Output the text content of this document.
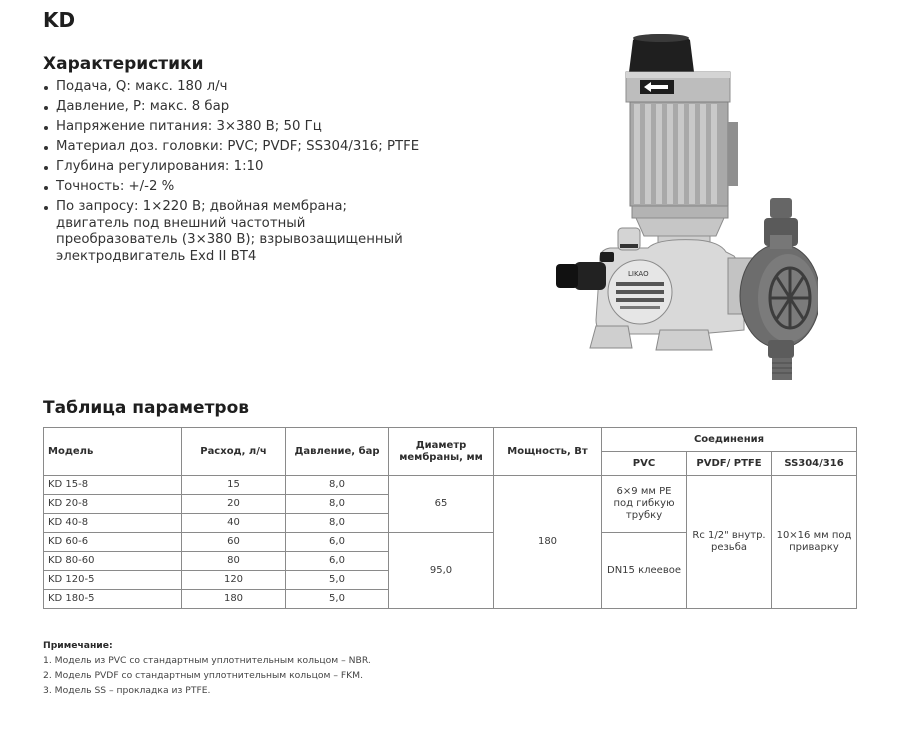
KD
Характеристики
Подача, Q: макс. 180 л/ч
Давление, P: макс. 8 бар
Напряжение питания: 3×380 В; 50 Гц
Материал доз. головки: PVC; PVDF; SS304/316; PTFE
Глубина регулирования: 1:10
Точность: +/-2 %
По запросу: 1×220 В; двойная мембрана; двигатель под внешний частотный преобразователь (3×380 В); взрывозащищенный электродвигатель Exd II BT4
LIKAO
Таблица параметров
Модель	Расход, л/ч	Давление, бар	Диаметр мембраны, мм	Мощность, Вт	Соединения		
					PVC	PVDF/ PTFE	SS304/316
KD 15-8	15	8,0	65	180	6×9 мм PE под гибкую трубку	Rc 1/2" внутр. резьба	10×16 мм под приварку
KD 20-8	20	8,0					
KD 40-8	40	8,0					
KD 60-6	60	6,0	95,0		DN15 клеевое		
KD 80-60	80	6,0					
KD 120-5	120	5,0					
KD 180-5	180	5,0					
Примечание:
1. Модель из PVC со стандартным уплотнительным кольцом – NBR.
2. Модель PVDF со стандартным уплотнительным кольцом – FKM.
3. Модель SS – прокладка из PTFE.
